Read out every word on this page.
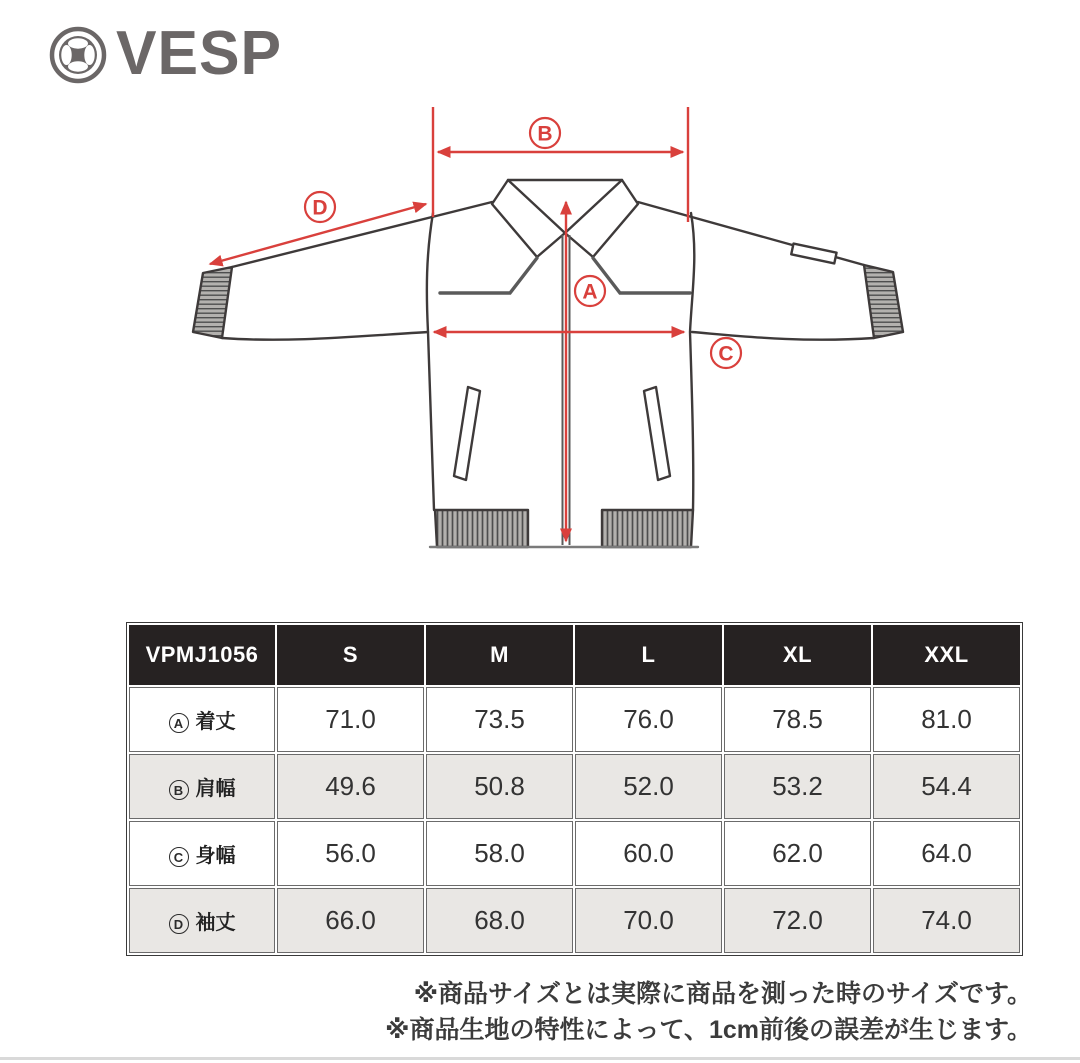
VESP
B
D
A
C
VPMJ1056	S	M	L	XL	XXL
A 着丈	71.0	73.5	76.0	78.5	81.0
B 肩幅	49.6	50.8	52.0	53.2	54.4
C 身幅	56.0	58.0	60.0	62.0	64.0
D 袖丈	66.0	68.0	70.0	72.0	74.0
※商品サイズとは実際に商品を測った時のサイズです。
※商品生地の特性によって、1cm前後の誤差が生じます。
